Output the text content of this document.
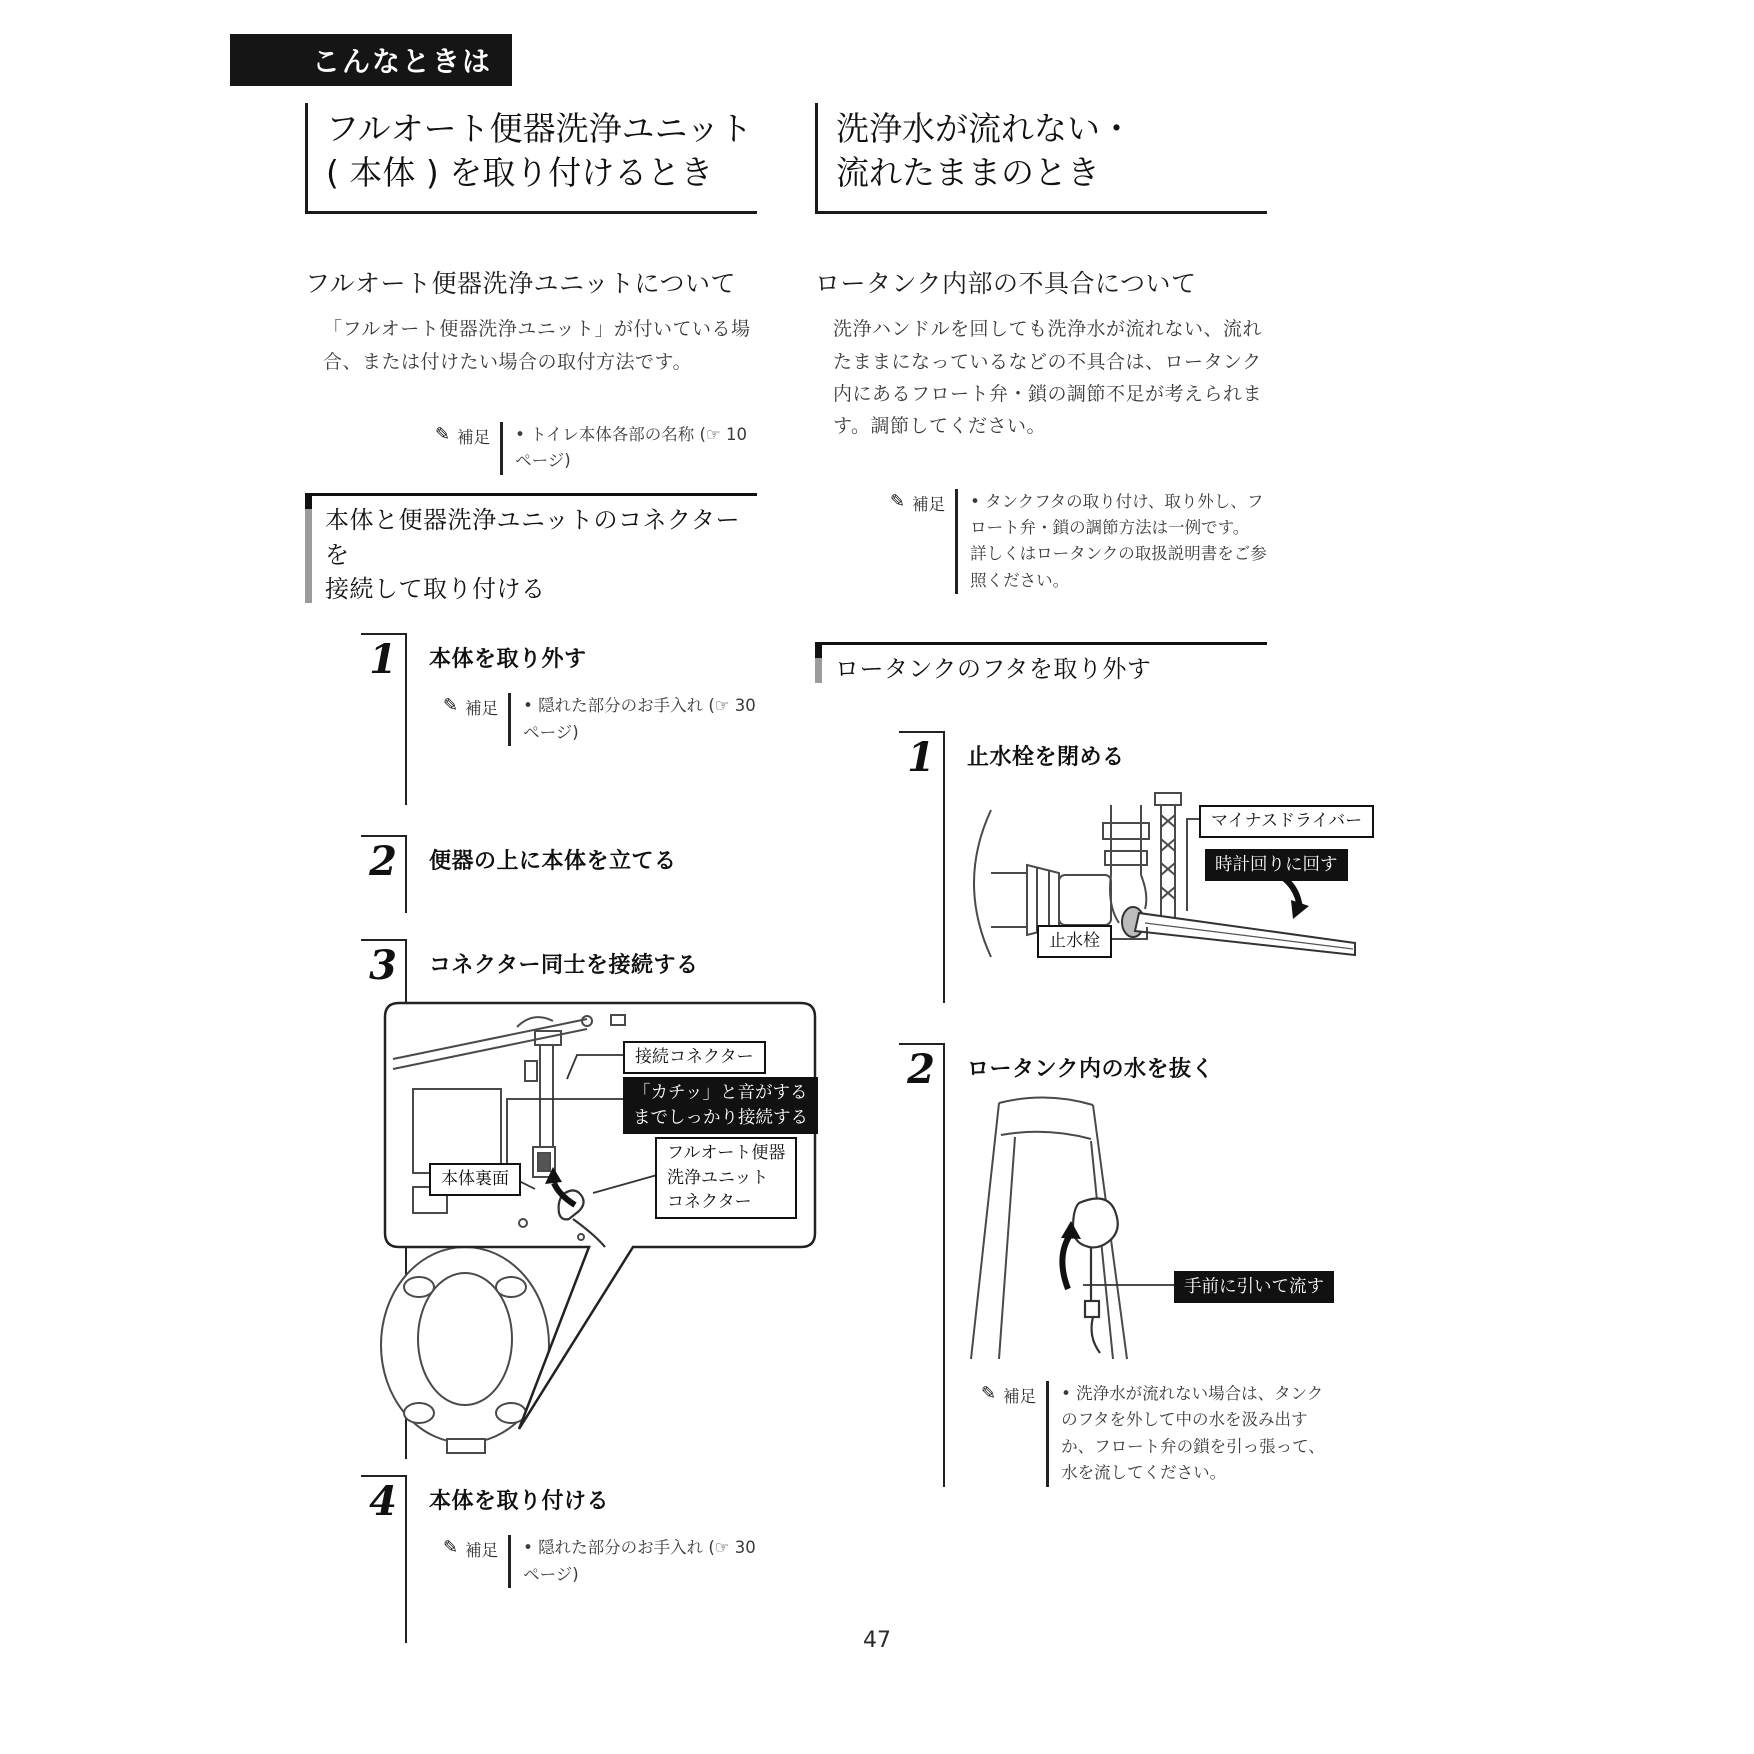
こんなときは
フルオート便器洗浄ユニット
( 本体 ) を取り付けるとき
フルオート便器洗浄ユニットについて
「フルオート便器洗浄ユニット」が付いている場合、または付けたい場合の取付方法です。
✎ 補足 • トイレ本体各部の名称 (☞ 10 ページ)

本体と便器洗浄ユニットのコネクターを
接続して取り付ける
1	本体を取り外す
✎ 補足 • 隠れた部分のお手入れ (☞ 30 ページ)

2	便器の上に本体を立てる
3	コネクター同士を接続する
接続コネクター
「カチッ」と音がする
までしっかり接続する
フルオート便器
洗浄ユニット
コネクター
本体裏面
4	本体を取り付ける
✎ 補足 • 隠れた部分のお手入れ (☞ 30 ページ)

洗浄水が流れない・
流れたままのとき
ロータンク内部の不具合について
洗浄ハンドルを回しても洗浄水が流れない、流れたままになっているなどの不具合は、ロータンク内にあるフロート弁・鎖の調節不足が考えられます。調節してください。
✎ 補足 • タンクフタの取り付け、取り外し、フロート弁・鎖の調節方法は一例です。

詳しくはロータンクの取扱説明書をご参照ください。

ロータンクのフタを取り外す
1	止水栓を閉める
マイナスドライバー
時計回りに回す
止水栓
2	ロータンク内の水を抜く
手前に引いて流す
✎ 補足 • 洗浄水が流れない場合は、タンクのフタを外して中の水を汲み出すか、フロート弁の鎖を引っ張って、水を流してください。

47
